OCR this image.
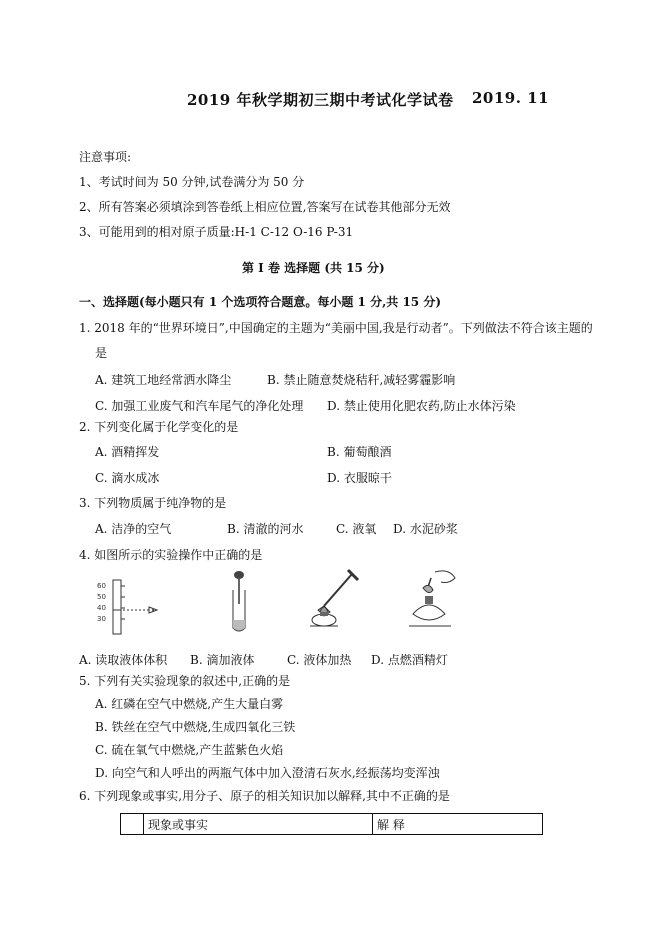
2019 年秋学期初三期中考试化学试卷 2019. 11
注意事项:
1、考试时间为 50 分钟,试卷满分为 50 分
2、所有答案必须填涂到答卷纸上相应位置,答案写在试卷其他部分无效
3、可能用到的相对原子质量:H-1 C-12 O-16 P-31
第 I 卷 选择题 (共 15 分)
一、选择题(每小题只有 1 个选项符合题意。每小题 1 分,共 15 分)
1. 2018 年的“世界环境日”,中国确定的主题为“美丽中国,我是行动者”。下列做法不符合该主题的
是
A. 建筑工地经常洒水降尘	B. 禁止随意焚烧秸秆,减轻雾霾影响
C. 加强工业废气和汽车尾气的净化处理 D. 禁止使用化肥农药,防止水体污染
2. 下列变化属于化学变化的是
A. 酒精挥发	B. 葡萄酿酒
C. 滴水成冰	D. 衣服晾干
3. 下列物质属于纯净物的是
A. 洁净的空气	B. 清澈的河水	C. 液氧 D. 水泥砂浆
4. 如图所示的实验操作中正确的是
60
50
40
30
A. 读取液体体积 B. 滴加液体	C. 液体加热 D. 点燃酒精灯
5. 下列有关实验现象的叙述中,正确的是
A. 红磷在空气中燃烧,产生大量白雾
B. 铁丝在空气中燃烧,生成四氧化三铁
C. 硫在氧气中燃烧,产生蓝紫色火焰
D. 向空气和人呼出的两瓶气体中加入澄清石灰水,经振荡均变浑浊
6. 下列现象或事实,用分子、原子的相关知识加以解释,其中不正确的是
	现象或事实	解 释
